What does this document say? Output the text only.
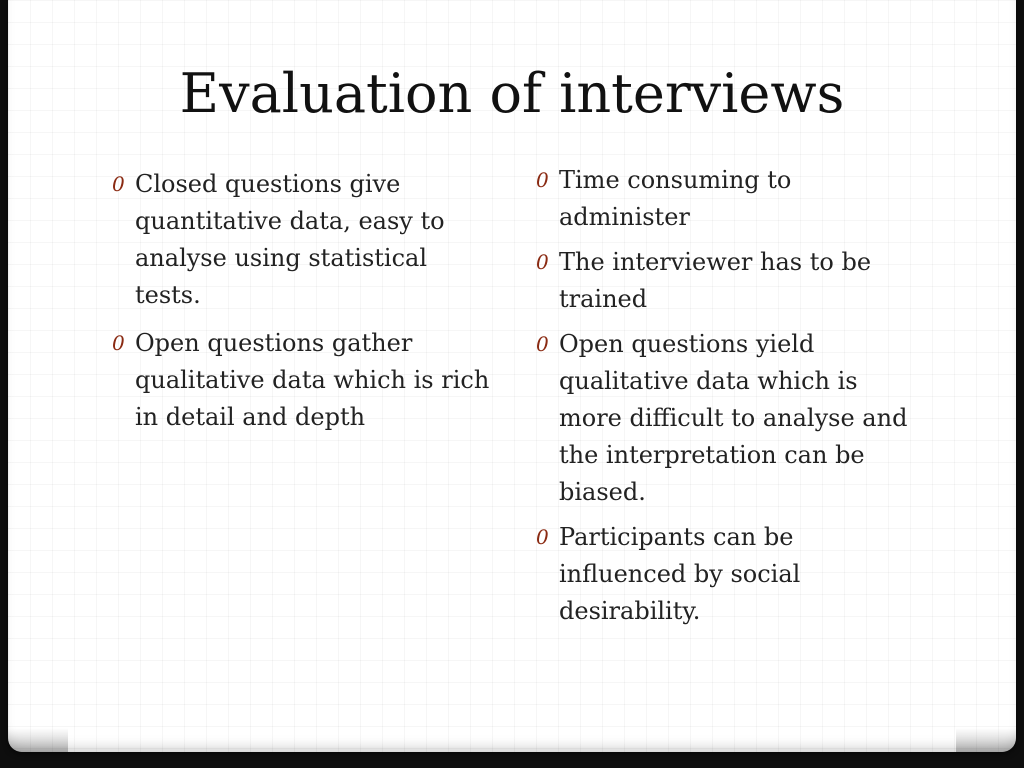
Evaluation of interviews
0 Closed questions give quantitative data, easy to analyse using statistical tests.
0 Open questions gather qualitative data which is rich in detail and depth
0 Time consuming to administer
0 The interviewer has to be trained
0 Open questions yield qualitative data which is more difficult to analyse and the interpretation can be biased.
0 Participants can be influenced by social desirability.
